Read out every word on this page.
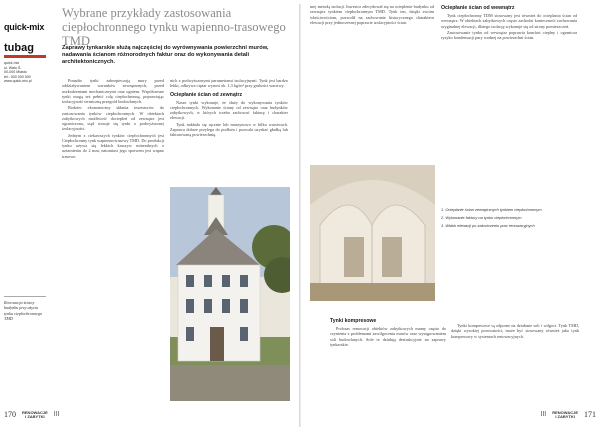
quick-mix
tubag
quick-mix
ul. Wału Ś.
00-000 Miasto
tel.: 000 000 000
www.quick-mix.pl
Renowacja ściany budynku przy użyciu tynku ciepłochronnego TMD
Wybrane przykłady zastosowania ciepłochronnego tynku wapienno-trasowego TMD

Zaprawy tynkarskie służą najczęściej do wyrównywania powierzchni murów, nadawania ścianom różnorodnych faktur oraz do wykonywania detali architektonicznych.

Ponadto tynki zabezpieczają mury przed oddziaływaniem warunków zewnętrznych, przed uszkodzeniami mechanicznymi oraz ogniem. Współczesne tynki mogą też pełnić rolę ciepłochronną, poprawiając izolacyjność termiczną przegród budowlanych.

Bodziec ekonomiczny skłania inwestorów do zastosowania tynków ciepłochronnych. W obiektach zabytkowych możliwość dociepleń od zewnątrz jest ograniczona, stąd stosuje się tynki o podwyższonej izolacyjności.

Jednym z ciekawszych tynków ciepłochronnych jest Ciepłochronny tynk wapienno-trasowy TMD. Do produkcji tynku używa się lekkich kruszyw mineralnych o uziarnieniu do 2 mm, natomiast jego spoiwem jest wapno trasowe.

nich z podwyższonymi parametrami izolacyjnymi. Tynk jest bardzo lekki, odkrywa ciężar wynosi ok. 1,3 kg/m² przy grubości warstwy.

Ociepłanie ścian od zewnątrz

Nasze tynki wykonuje, że służy do wykonywania tynków ciepłochronnych. Wykonanie ściany od zewnątrz oraz budynków zabytkowych, w których trzeba zachować fakturę i charakter elewacji.

Tynk nakłada się ręcznie lub maszynowo w kilku warstwach. Zaprawa dobrze przylega do podłoża i pozwala uzyskać gładką lub fakturowaną powierzchnię.

mej metodą izolacji. Inwestor zdecydował się na ocieplenie budynku od zewnątrz tynkiem ciepłochronnym TMD. Tynk ten, dzięki swoim właściwościom, pozwolił na zachowanie historycznego charakteru elewacji przy jednoczesnej poprawie izolacyjności ścian.

Ociepłanie ścian od wewnątrz

Tynk ciepłochronny TDM stosowany jest również do ocieplania ścian od wewnątrz. W obiektach zabytkowych często zachodzi konieczność zachowania oryginalnej elewacji, dlatego izolację wykonuje się od strony pomieszczeń.

Zastosowanie tynku od wewnątrz poprawia komfort cieplny i ogranicza ryzyko kondensacji pary wodnej na powierzchni ścian.

1. Ocieplanie ścian zewnętrznych tynkiem ciepłochronnym
2. Wykonanie faktury na tynku ciepłochronnym
3. Widok elewacji po zakończeniu prac renowacyjnych
Tynki kompresowe

Podczas renowacji obiektów zabytkowych mamy często do czynienia z problemami zawilgocenia murów oraz występowaniem soli budowlanych. Sole te działają destrukcyjnie na zaprawy tynkarskie.

Tynki kompresowe są odporne na działanie soli i wilgoci. Tynk TMD, dzięki wysokiej porowatości, może być stosowany również jako tynk kompresowy w systemach renowacyjnych.

170 RENOWACJE
I ZABYTKI	III	III RENOWACJE
I ZABYTKI	171
